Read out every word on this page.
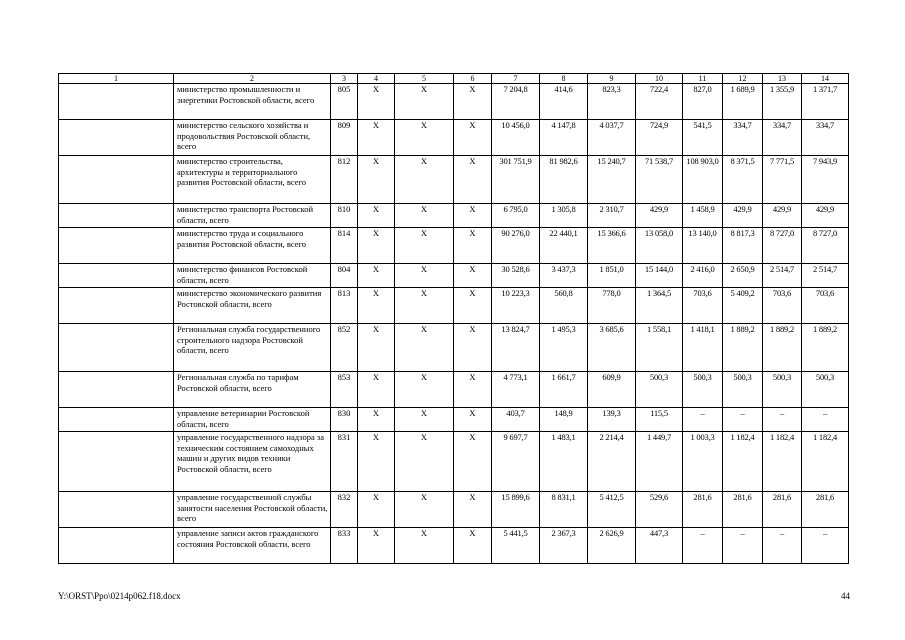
1	2	3	4	5	6	7	8	9	10	11	12	13	14
	министерство промышленности и энергетики Ростовской области, всего	805	X	X	X	7 204,8	414,6	823,3	722,4	827,0	1 689,9	1 355,9	1 371,7
	министерство сельского хозяйства и продовольствия Ростовской области, всего	809	X	X	X	10 456,0	4 147,8	4 037,7	724,9	541,5	334,7	334,7	334,7
	министерство строительства, архитектуры и территориального развития Ростовской области, всего	812	X	X	X	301 751,9	81 982,6	15 240,7	71 538,7	108 903,0	8 371,5	7 771,5	7 943,9
	министерство транспорта Ростовской области, всего	810	X	X	X	6 795,0	1 305,8	2 310,7	429,9	1 458,9	429,9	429,9	429,9
	министерство труда и социального развития Ростовской области, всего	814	X	X	X	90 276,0	22 440,1	15 366,6	13 058,0	13 140,0	8 817,3	8 727,0	8 727,0
	министерство финансов Ростовской области, всего	804	X	X	X	30 528,6	3 437,3	1 851,0	15 144,0	2 416,0	2 650,9	2 514,7	2 514,7
	министерство экономического развития Ростовской области, всего	813	X	X	X	10 223,3	560,8	778,0	1 364,5	703,6	5 409,2	703,6	703,6
	Региональная служба государственного строительного надзора Ростовской области, всего	852	X	X	X	13 824,7	1 495,3	3 685,6	1 558,1	1 418,1	1 889,2	1 889,2	1 889,2
	Региональная служба по тарифам Ростовской области, всего	853	X	X	X	4 773,1	1 661,7	609,9	500,3	500,3	500,3	500,3	500,3
	управление ветеринарии Ростовской области, всего	830	X	X	X	403,7	148,9	139,3	115,5	–	–	–	–
	управление государственного надзора за техническим состоянием самоходных машин и других видов техники Ростовской области, всего	831	X	X	X	9 697,7	1 483,1	2 214,4	1 449,7	1 003,3	1 182,4	1 182,4	1 182,4
	управление государственной службы занятости населения Ростовской области, всего	832	X	X	X	15 899,6	8 831,1	5 412,5	529,6	281,6	281,6	281,6	281,6
	управление записи актов гражданского состояния Ростовской области, всего	833	X	X	X	5 441,5	2 367,3	2 626,9	447,3	–	–	–	–
Y:\ORST\Ppo\0214p062.f18.docx	44
